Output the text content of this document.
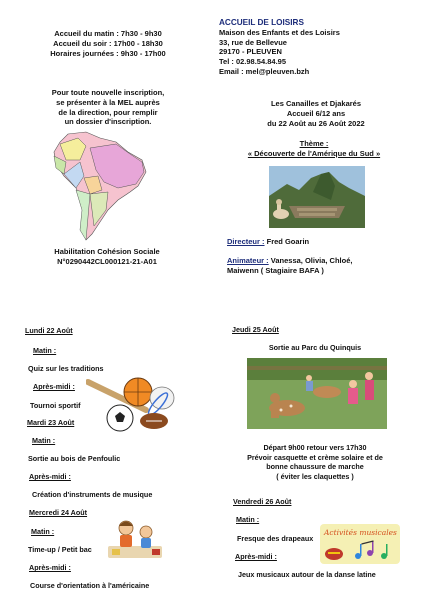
Accueil du matin : 7h30 - 9h30
Accueil du soir : 17h00 - 18h30
Horaires journées : 9h30 - 17h00
ACCUEIL DE LOISIRS
Maison des Enfants et des Loisirs
33, rue de Bellevue
29170 - PLEUVEN
Tel : 02.98.54.84.95
Email : mel@pleuven.bzh
Pour toute nouvelle inscription,
se présenter à la MEL auprès
de la direction, pour remplir
un dossier d'inscription.
Les Canailles et Djakarés
Accueil 6/12 ans
du 22 Août au 26 Août 2022
Thème :
« Découverte de l'Amérique du Sud »
Habilitation Cohésion Sociale
N°0290442CL000121-21-A01
Directeur : Fred Goarin
Animateur : Vanessa, Olivia, Chloé,
Maiwenn ( Stagiaire BAFA )
Lundi 22 Août
Matin :
Quiz sur les traditions
Après-midi :
Tournoi sportif
Mardi 23 Août
Matin :
Sortie au bois de Penfoulic
Après-midi :
Création d'instruments de musique
Mercredi 24 Août
Matin :
Time-up / Petit bac
Après-midi :
Course d'orientation à l'américaine
Jeudi 25 Août
Sortie au Parc du Quinquis
Départ 9h00 retour vers 17h30
Prévoir casquette et crème solaire et de
bonne chaussure de marche
( éviter les claquettes )
Vendredi 26 Août
Matin :
Fresque des drapeaux
Après-midi :
Jeux musicaux autour de la danse latine
Activités musicales
